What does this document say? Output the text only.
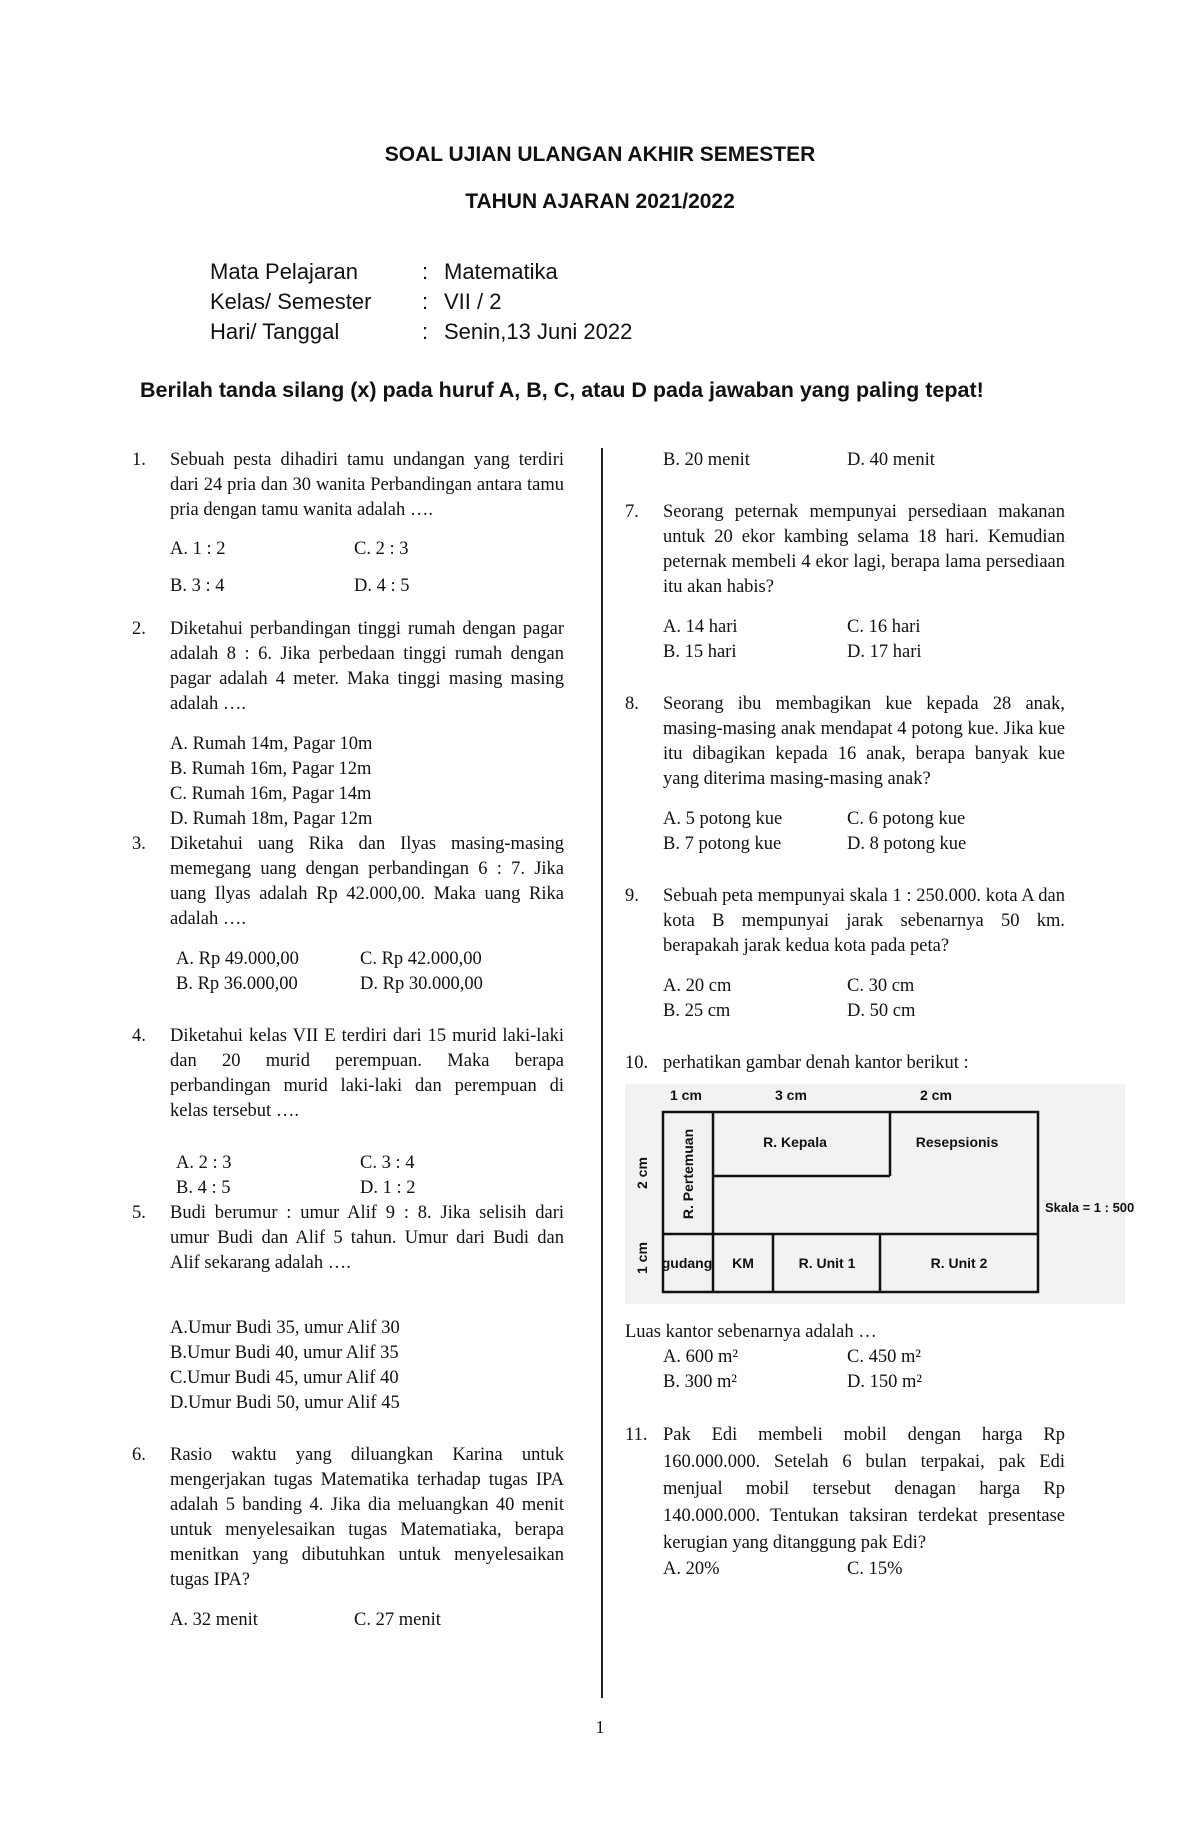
SOAL UJIAN ULANGAN AKHIR SEMESTER
TAHUN AJARAN 2021/2022
Mata Pelajaran	: Matematika
Kelas/ Semester	: VII / 2
Hari/ Tanggal	: Senin,13 Juni 2022
Berilah tanda silang (x) pada huruf A, B, C, atau D pada jawaban yang paling tepat!
1.	Sebuah pesta dihadiri tamu undangan yang terdiri dari 24 pria dan 30 wanita Perbandingan antara tamu pria dengan tamu wanita adalah ….
A. 1 : 2	C. 2 : 3
B. 3 : 4	D. 4 : 5
2.	Diketahui perbandingan tinggi rumah dengan pagar adalah 8 : 6. Jika perbedaan tinggi rumah dengan pagar adalah 4 meter. Maka tinggi masing masing adalah ….
A. Rumah 14m, Pagar 10m
B. Rumah 16m, Pagar 12m
C. Rumah 16m, Pagar 14m
D. Rumah 18m, Pagar 12m
3.	Diketahui uang Rika dan Ilyas masing-masing memegang uang dengan perbandingan 6 : 7. Jika uang Ilyas adalah Rp 42.000,00. Maka uang Rika adalah ….
A. Rp 49.000,00	C. Rp 42.000,00
B. Rp 36.000,00	D. Rp 30.000,00
4.	Diketahui kelas VII E terdiri dari 15 murid laki-laki dan 20 murid perempuan. Maka berapa perbandingan murid laki-laki dan perempuan di kelas tersebut ….
A. 2 : 3	C. 3 : 4
B. 4 : 5	D. 1 : 2
5.	Budi berumur : umur Alif 9 : 8. Jika selisih dari umur Budi dan Alif 5 tahun. Umur dari Budi dan Alif sekarang adalah ….
A.Umur Budi 35, umur Alif 30
B.Umur Budi 40, umur Alif 35
C.Umur Budi 45, umur Alif 40
D.Umur Budi 50, umur Alif 45
6.	Rasio waktu yang diluangkan Karina untuk mengerjakan tugas Matematika terhadap tugas IPA adalah 5 banding 4. Jika dia meluangkan 40 menit untuk menyelesaikan tugas Matematiaka, berapa menitkan yang dibutuhkan untuk menyelesaikan tugas IPA?
A. 32 menit	C. 27 menit
B. 20 menit	D. 40 menit
7.	Seorang peternak mempunyai persediaan makanan untuk 20 ekor kambing selama 18 hari. Kemudian peternak membeli 4 ekor lagi, berapa lama persediaan itu akan habis?
A. 14 hari	C. 16 hari
B. 15 hari	D. 17 hari
8.	Seorang ibu membagikan kue kepada 28 anak, masing-masing anak mendapat 4 potong kue. Jika kue itu dibagikan kepada 16 anak, berapa banyak kue yang diterima masing-masing anak?
A. 5 potong kue	C. 6 potong kue
B. 7 potong kue	D. 8 potong kue
9.	Sebuah peta mempunyai skala 1 : 250.000. kota A dan kota B mempunyai jarak sebenarnya 50 km. berapakah jarak kedua kota pada peta?
A. 20 cm	C. 30 cm
B. 25 cm	D. 50 cm
10. perhatikan gambar denah kantor berikut :
1 cm	3 cm	2 cm
2 cm
1 cm
R. Pertemuan	R. Kepala	Resepsionis
gudang KM	R. Unit 1	R. Unit 2
Skala = 1 : 500
Luas kantor sebenarnya adalah …
A. 600 m²	C. 450 m²
B. 300 m²	D. 150 m²
11. Pak Edi membeli mobil dengan harga Rp 160.000.000. Setelah 6 bulan terpakai, pak Edi menjual mobil tersebut denagan harga Rp 140.000.000. Tentukan taksiran terdekat presentase kerugian yang ditanggung pak Edi?
A. 20%	C. 15%
1
